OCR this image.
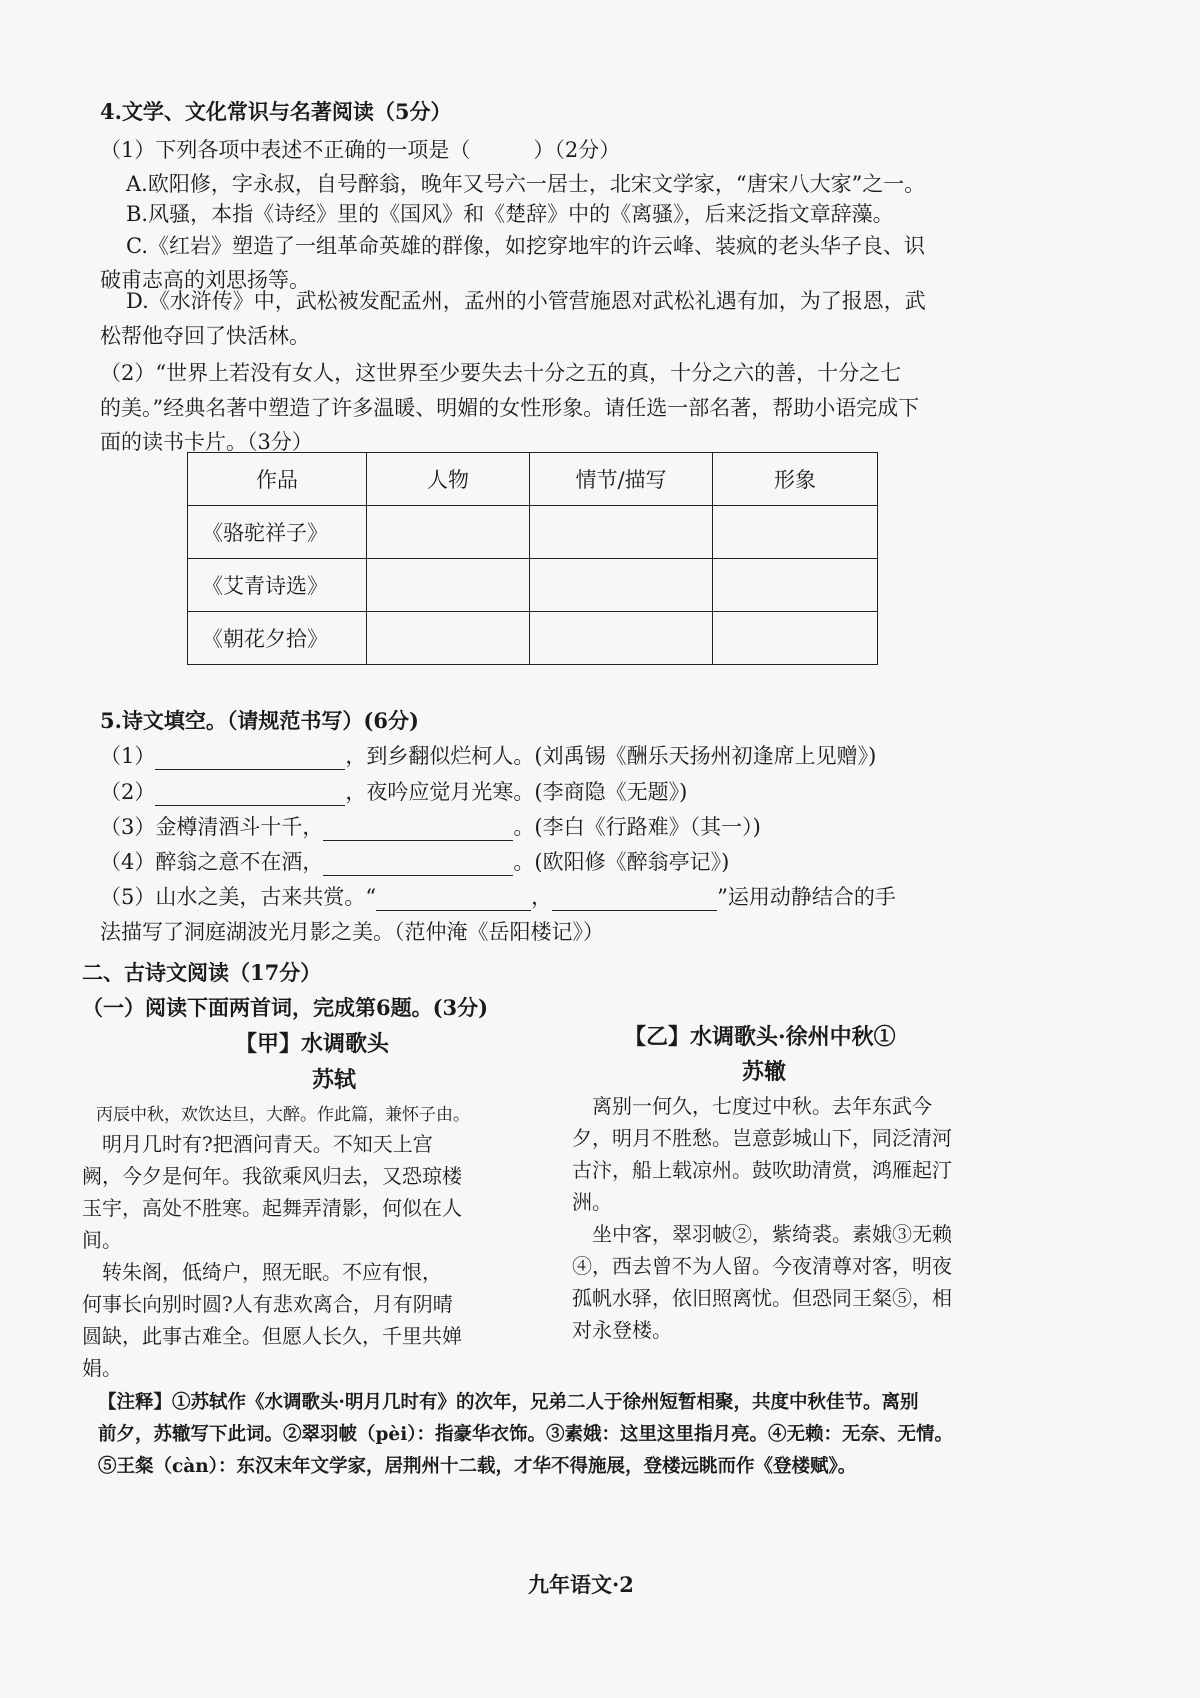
4.文学、文化常识与名著阅读（5分）
（1）下列各项中表述不正确的一项是（　　　）（2分）
A.欧阳修，字永叔，自号醉翁，晚年又号六一居士，北宋文学家，“唐宋八大家”之一。
B.风骚，本指《诗经》里的《国风》和《楚辞》中的《离骚》，后来泛指文章辞藻。
C.《红岩》塑造了一组革命英雄的群像，如挖穿地牢的许云峰、装疯的老头华子良、识
破甫志高的刘思扬等。
D.《水浒传》中，武松被发配孟州，孟州的小管营施恩对武松礼遇有加，为了报恩，武
松帮他夺回了快活林。
（2）“世界上若没有女人，这世界至少要失去十分之五的真，十分之六的善，十分之七
的美。”经典名著中塑造了许多温暖、明媚的女性形象。请任选一部名著，帮助小语完成下
面的读书卡片。（3分）
作品	人物	情节/描写	形象
《骆驼祥子》			
《艾青诗选》			
《朝花夕拾》			
5.诗文填空。（请规范书写）(6分)
（1）	，到乡翻似烂柯人。(刘禹锡《酬乐天扬州初逢席上见赠》)
（2）	，夜吟应觉月光寒。(李商隐《无题》)
（3）金樽清酒斗十千，	。(李白《行路难》（其一）)
（4）醉翁之意不在酒，	。(欧阳修《醉翁亭记》)
（5）山水之美，古来共赏。“	，	”运用动静结合的手
法描写了洞庭湖波光月影之美。（范仲淹《岳阳楼记》）
二、古诗文阅读（17分）
（一）阅读下面两首词，完成第6题。(3分)
【甲】水调歌头
苏轼
丙辰中秋，欢饮达旦，大醉。作此篇，兼怀子由。
　明月几时有?把酒问青天。不知天上宫
阙，今夕是何年。我欲乘风归去，又恐琼楼
玉宇，高处不胜寒。起舞弄清影，何似在人
间。
　转朱阁，低绮户，照无眠。不应有恨，
何事长向别时圆?人有悲欢离合，月有阴晴
圆缺，此事古难全。但愿人长久，千里共婵
娟。
【乙】水调歌头·徐州中秋①
苏辙
　离别一何久，七度过中秋。去年东武今
夕，明月不胜愁。岂意彭城山下，同泛清河
古汴，船上载凉州。鼓吹助清赏，鸿雁起汀
洲。
　坐中客，翠羽帔②，紫绮裘。素娥③无赖
④，西去曾不为人留。今夜清尊对客，明夜
孤帆水驿，依旧照离忧。但恐同王粲⑤，相
对永登楼。
【注释】①苏轼作《水调歌头·明月几时有》的次年，兄弟二人于徐州短暂相聚，共度中秋佳节。离别
前夕，苏辙写下此词。②翠羽帔（pèi）：指豪华衣饰。③素娥：这里这里指月亮。④无赖：无奈、无情。
⑤王粲（càn）：东汉末年文学家，居荆州十二载，才华不得施展，登楼远眺而作《登楼赋》。
九年语文·2
